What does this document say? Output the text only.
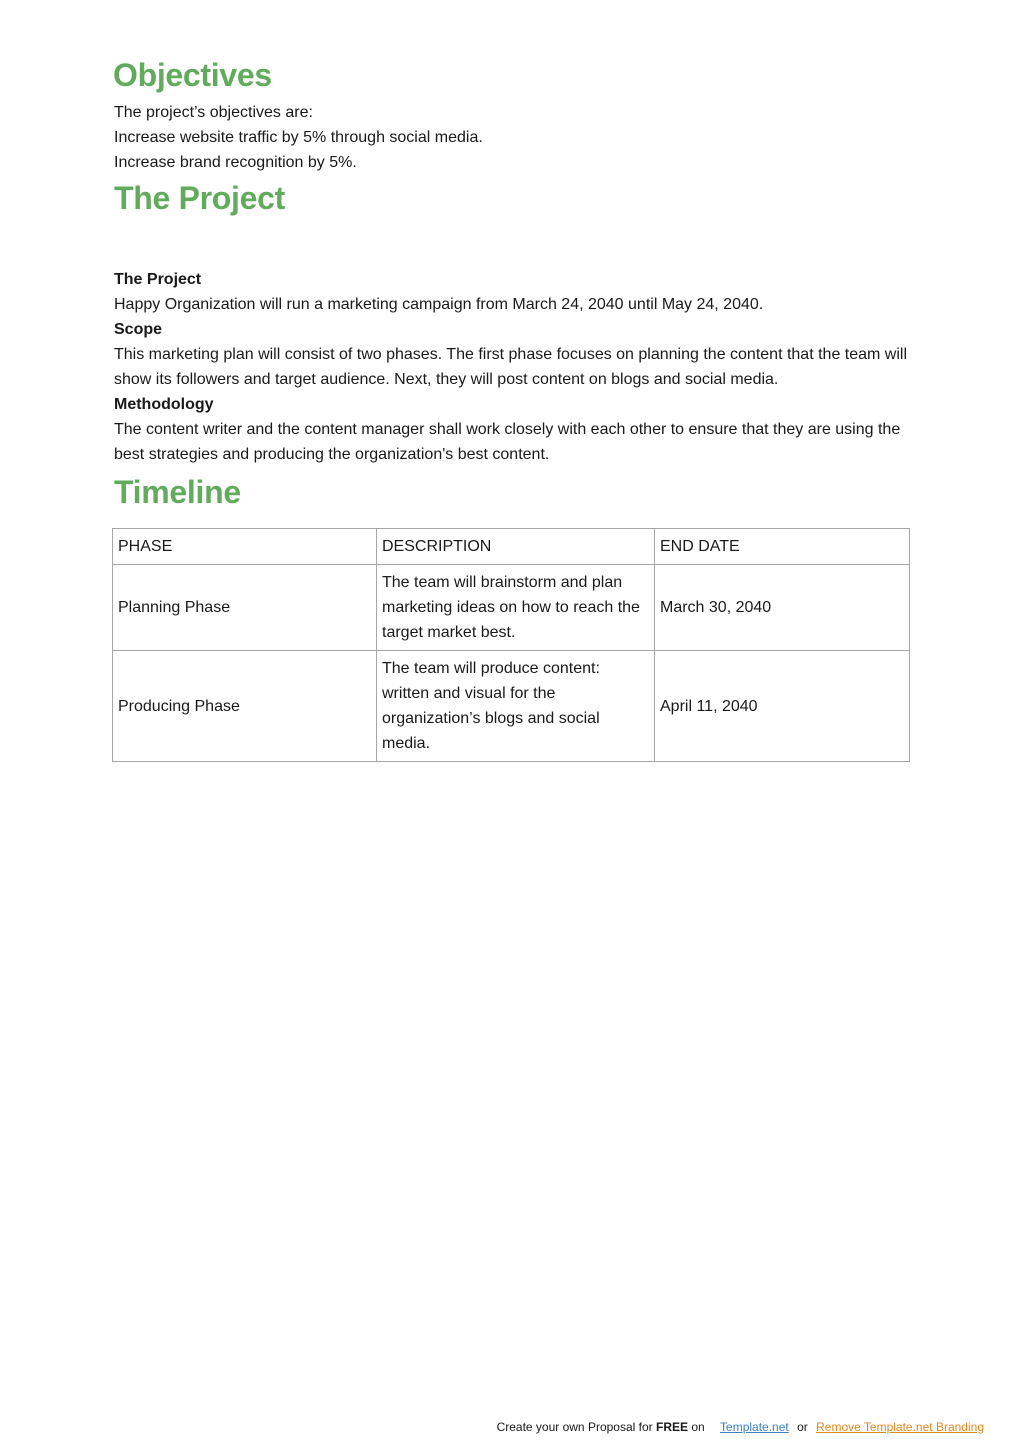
Objectives

The project’s objectives are:

Increase website traffic by 5% through social media.

Increase brand recognition by 5%.

The Project

The Project

Happy Organization will run a marketing campaign from March 24, 2040 until May 24, 2040.

Scope

This marketing plan will consist of two phases. The first phase focuses on planning the content that the team will show its followers and target audience. Next, they will post content on blogs and social media.

Methodology

The content writer and the content manager shall work closely with each other to ensure that they are using the best strategies and producing the organization's best content.

Timeline
PHASE	DESCRIPTION	END DATE
Planning Phase	The team will brainstorm and plan marketing ideas on how to reach the target market best.	March 30, 2040
Producing Phase	The team will produce content: written and visual for the organization’s blogs and social media.	April 11, 2040
Create your own Proposal for FREE on Template.net or Remove Template.net Branding
